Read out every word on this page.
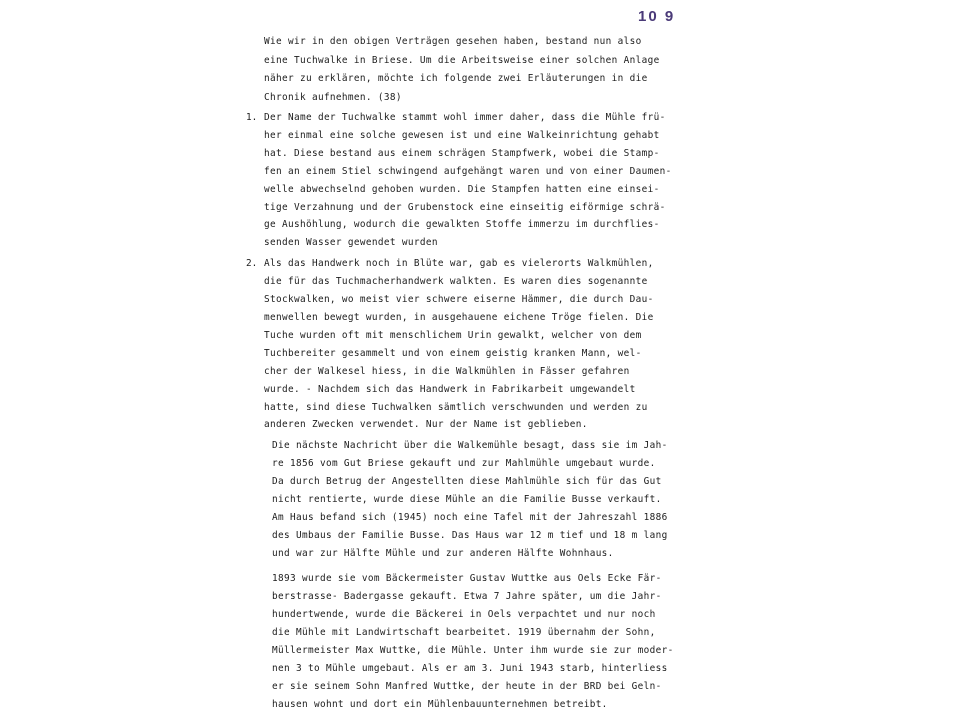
10 9
Wie wir in den obigen Verträgen gesehen haben, bestand nun also
eine Tuchwalke in Briese. Um die Arbeitsweise einer solchen Anlage
näher zu erklären, möchte ich folgende zwei Erläuterungen in die
Chronik aufnehmen. (38)
1. Der Name der Tuchwalke stammt wohl immer daher, dass die Mühle frü-
her einmal eine solche gewesen ist und eine Walkeinrichtung gehabt
hat. Diese bestand aus einem schrägen Stampfwerk, wobei die Stamp-
fen an einem Stiel schwingend aufgehängt waren und von einer Daumen-
welle abwechselnd gehoben wurden. Die Stampfen hatten eine einsei-
tige Verzahnung und der Grubenstock eine einseitig eiförmige schrä-
ge Aushöhlung, wodurch die gewalkten Stoffe immerzu im durchflies-
senden Wasser gewendet wurden
2. Als das Handwerk noch in Blüte war, gab es vielerorts Walkmühlen,
die für das Tuchmacherhandwerk walkten. Es waren dies sogenannte
Stockwalken, wo meist vier schwere eiserne Hämmer, die durch Dau-
menwellen bewegt wurden, in ausgehauene eichene Tröge fielen. Die
Tuche wurden oft mit menschlichem Urin gewalkt, welcher von dem
Tuchbereiter gesammelt und von einem geistig kranken Mann, wel-
cher der Walkesel hiess, in die Walkmühlen in Fässer gefahren
wurde. - Nachdem sich das Handwerk in Fabrikarbeit umgewandelt
hatte, sind diese Tuchwalken sämtlich verschwunden und werden zu
anderen Zwecken verwendet. Nur der Name ist geblieben.
Die nächste Nachricht über die Walkemühle besagt, dass sie im Jah-
re 1856 vom Gut Briese gekauft und zur Mahlmühle umgebaut wurde.
Da durch Betrug der Angestellten diese Mahlmühle sich für das Gut
nicht rentierte, wurde diese Mühle an die Familie Busse verkauft.
Am Haus befand sich (1945) noch eine Tafel mit der Jahreszahl 1886
des Umbaus der Familie Busse. Das Haus war 12 m tief und 18 m lang
und war zur Hälfte Mühle und zur anderen Hälfte Wohnhaus.
1893 wurde sie vom Bäckermeister Gustav Wuttke aus Oels Ecke Fär-
berstrasse- Badergasse gekauft. Etwa 7 Jahre später, um die Jahr-
hundertwende, wurde die Bäckerei in Oels verpachtet und nur noch
die Mühle mit Landwirtschaft bearbeitet. 1919 übernahm der Sohn,
Müllermeister Max Wuttke, die Mühle. Unter ihm wurde sie zur moder-
nen 3 to Mühle umgebaut. Als er am 3. Juni 1943 starb, hinterliess
er sie seinem Sohn Manfred Wuttke, der heute in der BRD bei Geln-
hausen wohnt und dort ein Mühlenbauunternehmen betreibt.
